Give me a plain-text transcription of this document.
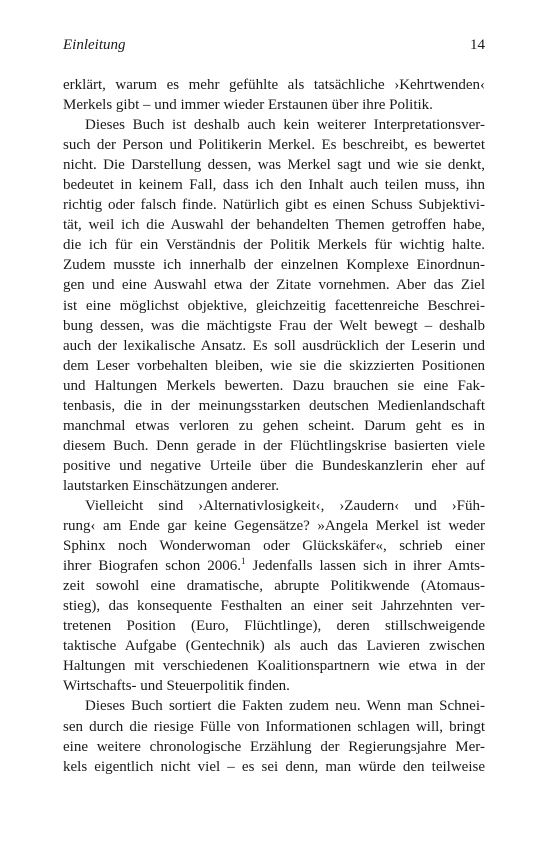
Einleitung	14
erklärt, warum es mehr gefühlte als tatsächliche ›Kehrtwenden‹
Merkels gibt – und immer wieder Erstaunen über ihre Politik.
Dieses Buch ist deshalb auch kein weiterer Interpretationsver-
such der Person und Politikerin Merkel. Es beschreibt, es bewertet
nicht. Die Darstellung dessen, was Merkel sagt und wie sie denkt,
bedeutet in keinem Fall, dass ich den Inhalt auch teilen muss, ihn
richtig oder falsch finde. Natürlich gibt es einen Schuss Subjektivi-
tät, weil ich die Auswahl der behandelten Themen getroffen habe,
die ich für ein Verständnis der Politik Merkels für wichtig halte.
Zudem musste ich innerhalb der einzelnen Komplexe Einordnun-
gen und eine Auswahl etwa der Zitate vornehmen. Aber das Ziel
ist eine möglichst objektive, gleichzeitig facettenreiche Beschrei-
bung dessen, was die mächtigste Frau der Welt bewegt – deshalb
auch der lexikalische Ansatz. Es soll ausdrücklich der Leserin und
dem Leser vorbehalten bleiben, wie sie die skizzierten Positionen
und Haltungen Merkels bewerten. Dazu brauchen sie eine Fak-
tenbasis, die in der meinungsstarken deutschen Medienlandschaft
manchmal etwas verloren zu gehen scheint. Darum geht es in
diesem Buch. Denn gerade in der Flüchtlingskrise basierten viele
positive und negative Urteile über die Bundeskanzlerin eher auf
lautstarken Einschätzungen anderer.
Vielleicht sind ›Alternativlosigkeit‹, ›Zaudern‹ und ›Füh-
rung‹ am Ende gar keine Gegensätze? »Angela Merkel ist weder
Sphinx noch Wonderwoman oder Glückskäfer«, schrieb einer
ihrer Biografen schon 2006.$^1$ Jedenfalls lassen sich in ihrer Amts-
zeit sowohl eine dramatische, abrupte Politikwende (Atomaus-
stieg), das konsequente Festhalten an einer seit Jahrzehnten ver-
tretenen Position (Euro, Flüchtlinge), deren stillschweigende
taktische Aufgabe (Gentechnik) als auch das Lavieren zwischen
Haltungen mit verschiedenen Koalitionspartnern wie etwa in der
Wirtschafts- und Steuerpolitik finden.
Dieses Buch sortiert die Fakten zudem neu. Wenn man Schnei-
sen durch die riesige Fülle von Informationen schlagen will, bringt
eine weitere chronologische Erzählung der Regierungsjahre Mer-
kels eigentlich nicht viel – es sei denn, man würde den teilweise
